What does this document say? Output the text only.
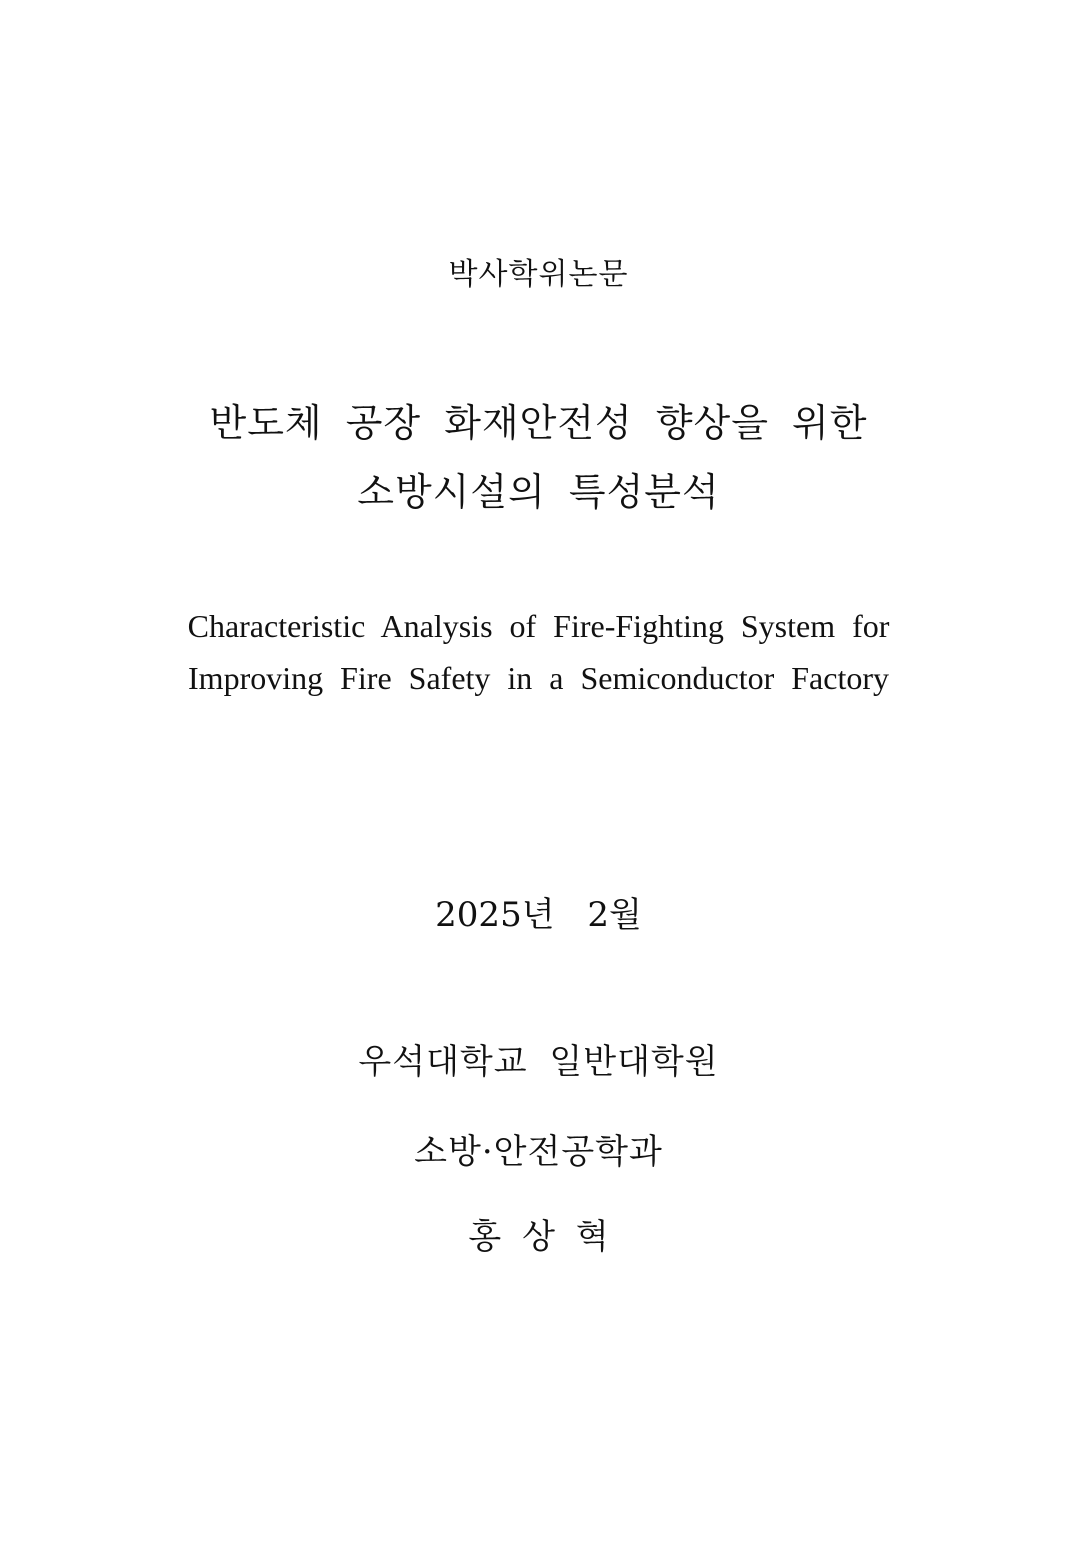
박사학위논문
반도체 공장 화재안전성 향상을 위한
소방시설의 특성분석
Characteristic Analysis of Fire-Fighting System for
Improving Fire Safety in a Semiconductor Factory
2025년 2월
우석대학교 일반대학원
소방·안전공학과
홍 상 혁
